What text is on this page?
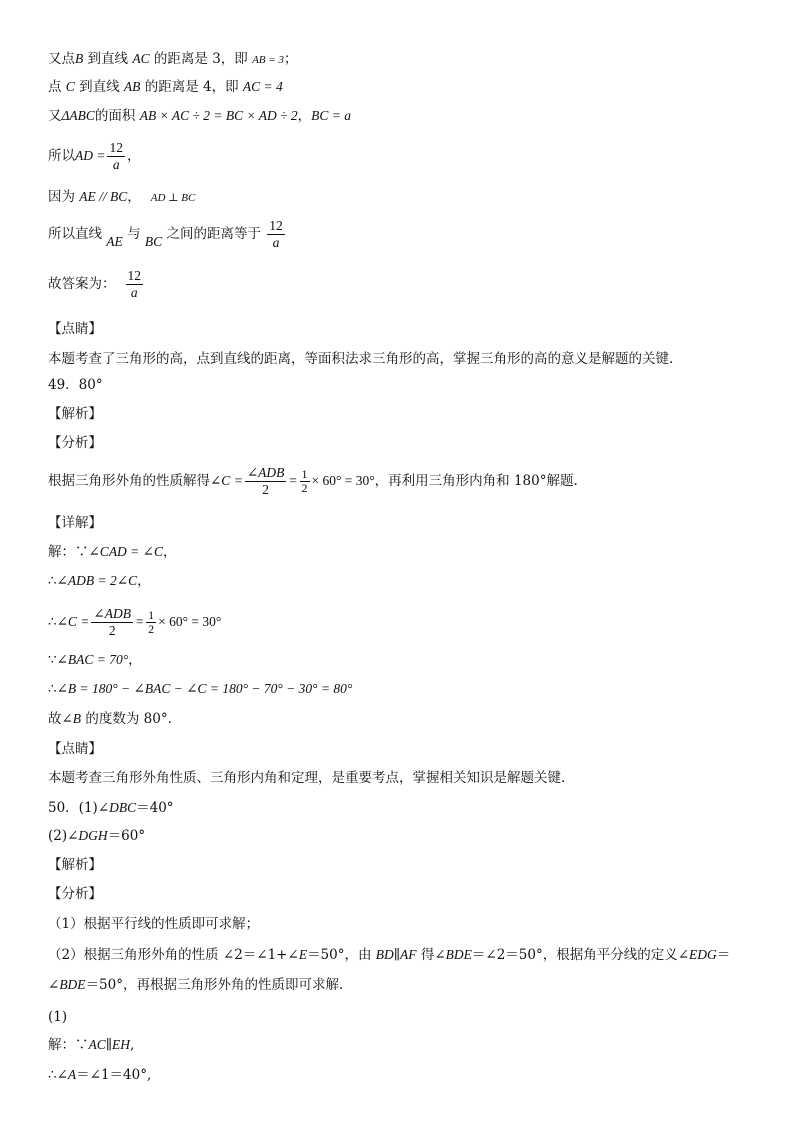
又点B 到直线 AC 的距离是 3，即 AB = 3；
点 C 到直线 AB 的距离是 4，即 AC = 4
又ΔABC的面积 AB × AC ÷ 2 = BC × AD ÷ 2，BC = a
所以AD = $\frac{12}{a}$ ，
因为 AE // BC， AD ⊥ BC
所以直线 AE 与 BC 之间的距离等于 $\frac{12}{a}$
故答案为： $\frac{12}{a}$
【点睛】
本题考查了三角形的高，点到直线的距离，等面积法求三角形的高，掌握三角形的高的意义是解题的关键.
49．80°
【解析】
【分析】
根据三角形外角的性质解得∠C = $\frac{\text{∠ADB}}{2} = \frac{1}{2} \times 60^\circ = 30^\circ$，再利用三角形内角和 180°解题.
【详解】
解：∵∠CAD = ∠C，
∴∠ADB = 2∠C，
∴∠C = $\frac{\text{∠ADB}}{2} = \frac{1}{2} \times 60^\circ = 30^\circ$
∵∠BAC = 70°，
∴∠B = 180° − ∠BAC − ∠C = 180° − 70° − 30° = 80°
故∠B 的度数为 80°.
【点睛】
本题考查三角形外角性质、三角形内角和定理，是重要考点，掌握相关知识是解题关键.
50．(1)∠DBC＝40°
(2)∠DGH＝60°
【解析】
【分析】
（1）根据平行线的性质即可求解；
（2）根据三角形外角的性质 ∠2＝∠1+∠E＝50°，由 BD∥AF 得∠BDE＝∠2＝50°，根据角平分线的定义∠EDG＝
∠BDE＝50°，再根据三角形外角的性质即可求解.
(1)
解：∵AC∥EH,
∴∠A＝∠1＝40°,
